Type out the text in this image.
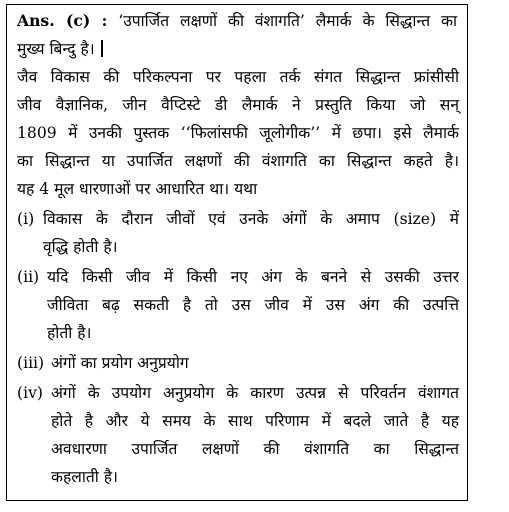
Ans. (c) : ‘उपार्जित लक्षणों की वंशागति’ लैमार्क के सिद्धान्त का
मुख्य बिन्दु है।
जैव विकास की परिकल्पना पर पहला तर्क संगत सिद्धान्त फ्रांसीसी
जीव वैज्ञानिक, जीन वैप्टिस्टे डी लैमार्क ने प्रस्तुति किया जो सन्
1809 में उनकी पुस्तक ‘‘फिलांसफी जूलोगीक’’ में छपा। इसे लैमार्क
का सिद्धान्त या उपार्जित लक्षणों की वंशागति का सिद्धान्त कहते है।
यह 4 मूल धारणाओं पर आधारित था। यथा
(i) विकास के दौरान जीवों एवं उनके अंगों के अमाप (size) में
वृद्धि होती है।
(ii) यदि किसी जीव में किसी नए अंग के बनने से उसकी उत्तर
जीविता बढ़ सकती है तो उस जीव में उस अंग की उत्पत्ति
होती है।
(iii) अंगों का प्रयोग अनुप्रयोग
(iv) अंगों के उपयोग अनुप्रयोग के कारण उत्पन्न से परिवर्तन वंशागत
होते है और ये समय के साथ परिणाम में बदले जाते है यह
अवधारणा उपार्जित लक्षणों की वंशागति का सिद्धान्त
कहलाती है।
